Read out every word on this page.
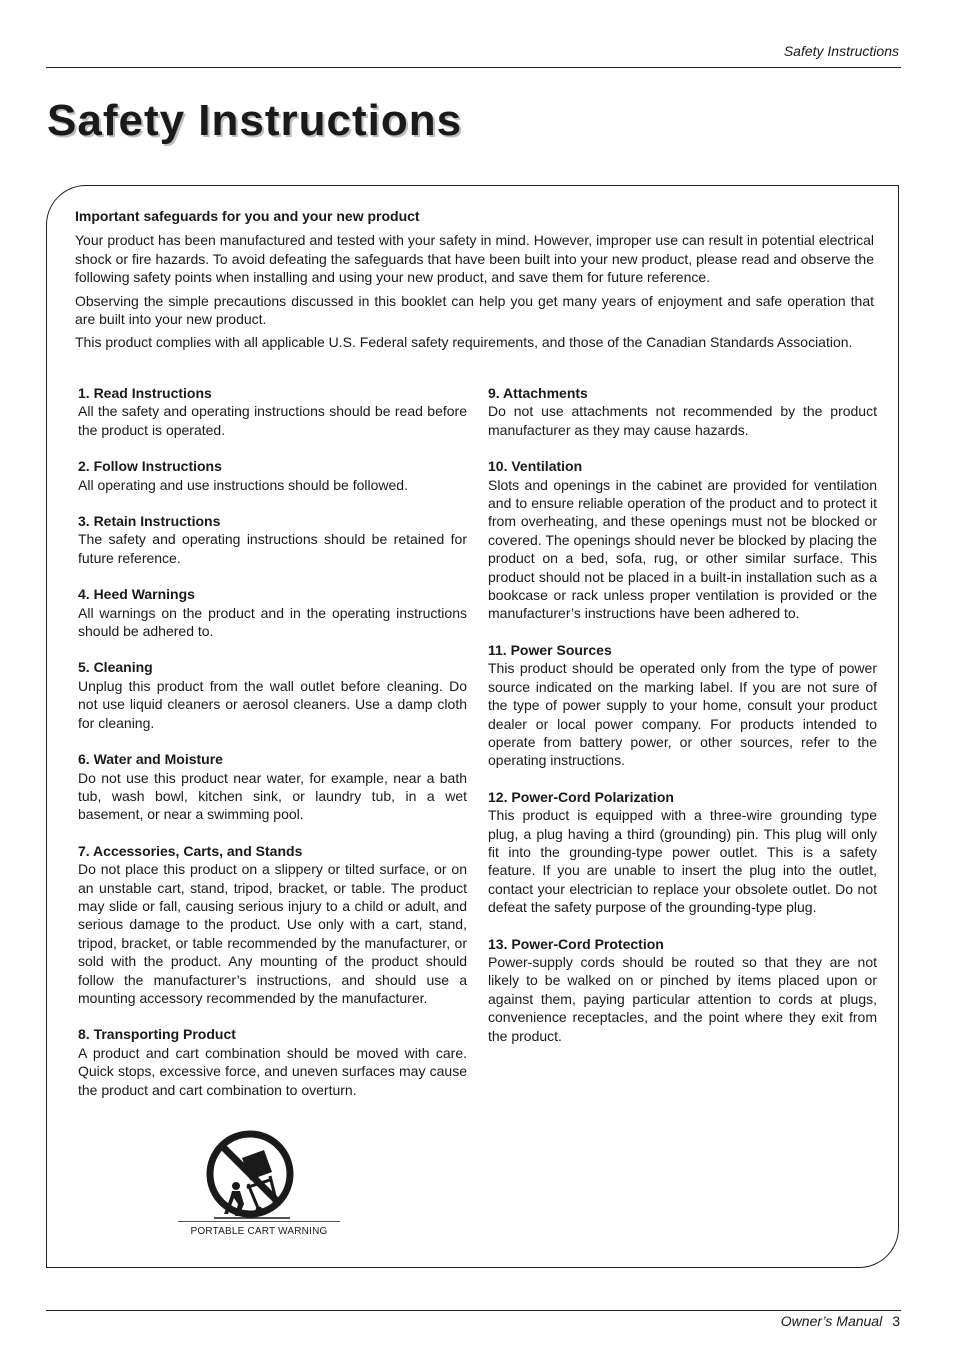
Safety Instructions
Safety Instructions
Important safeguards for you and your new product

Your product has been manufactured and tested with your safety in mind. However, improper use can result in potential electrical shock or fire hazards. To avoid defeating the safeguards that have been built into your new product, please read and observe the following safety points when installing and using your new product, and save them for future reference.

Observing the simple precautions discussed in this booklet can help you get many years of enjoyment and safe operation that are built into your new product.

This product complies with all applicable U.S. Federal safety requirements, and those of the Canadian Standards Association.

1. Read Instructions

All the safety and operating instructions should be read before the product is operated.

2. Follow Instructions

All operating and use instructions should be followed.

3. Retain Instructions

The safety and operating instructions should be retained for future reference.

4. Heed Warnings

All warnings on the product and in the operating instructions should be adhered to.

5. Cleaning

Unplug this product from the wall outlet before cleaning. Do not use liquid cleaners or aerosol cleaners. Use a damp cloth for cleaning.

6. Water and Moisture

Do not use this product near water, for example, near a bath tub, wash bowl, kitchen sink, or laundry tub, in a wet basement, or near a swimming pool.

7. Accessories, Carts, and Stands

Do not place this product on a slippery or tilted surface, or on an unstable cart, stand, tripod, bracket, or table. The product may slide or fall, causing serious injury to a child or adult, and serious damage to the product. Use only with a cart, stand, tripod, bracket, or table recommended by the manufacturer, or sold with the product. Any mounting of the product should follow the manufacturer’s instructions, and should use a mounting accessory recommended by the manufacturer.

8. Transporting Product

A product and cart combination should be moved with care. Quick stops, excessive force, and uneven surfaces may cause the product and cart combination to overturn.

9. Attachments

Do not use attachments not recommended by the product manufacturer as they may cause hazards.

10. Ventilation

Slots and openings in the cabinet are provided for ventilation and to ensure reliable operation of the product and to protect it from overheating, and these openings must not be blocked or covered. The openings should never be blocked by placing the product on a bed, sofa, rug, or other similar surface. This product should not be placed in a built-in installation such as a bookcase or rack unless proper ventilation is provided or the manufacturer’s instructions have been adhered to.

11. Power Sources

This product should be operated only from the type of power source indicated on the marking label. If you are not sure of the type of power supply to your home, consult your product dealer or local power company. For products intended to operate from battery power, or other sources, refer to the operating instructions.

12. Power-Cord Polarization

This product is equipped with a three-wire grounding type plug, a plug having a third (grounding) pin. This plug will only fit into the grounding-type power outlet. This is a safety feature. If you are unable to insert the plug into the outlet, contact your electrician to replace your obsolete outlet. Do not defeat the safety purpose of the grounding-type plug.

13. Power-Cord Protection

Power-supply cords should be routed so that they are not likely to be walked on or pinched by items placed upon or against them, paying particular attention to cords at plugs, convenience receptacles, and the point where they exit from the product.

PORTABLE CART WARNING
Owner’s Manual 3
